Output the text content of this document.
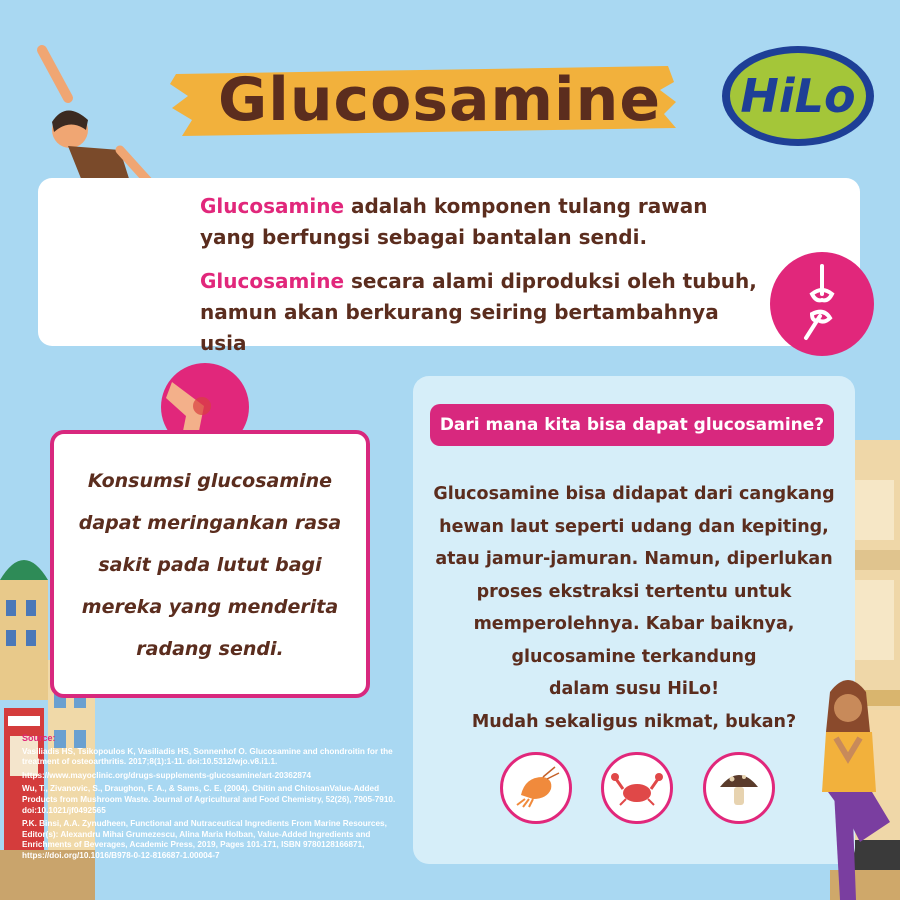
Glucosamine HiLo

Glucosamine adalah komponen tulang rawan yang berfungsi sebagai bantalan sendi.

Glucosamine secara alami diproduksi oleh tubuh, namun akan berkurang seiring bertambahnya usia

Konsumsi glucosamine
dapat meringankan rasa
sakit pada lutut bagi
mereka yang menderita
radang sendi.
Source:
Vasiliadis HS, Tsikopoulos K, Vasiliadis HS, Sonnenhof O. Glucosamine and chondroitin for the treatment of osteoarthritis. 2017;8(1):1-11. doi:10.5312/wjo.v8.i1.1.
https://www.mayoclinic.org/drugs-supplements-glucosamine/art-20362874
Wu, T., Zivanovic, S., Draughon, F. A., & Sams, C. E. (2004). Chitin and ChitosanValue-Added Products from Mushroom Waste. Journal of Agricultural and Food Chemistry, 52(26), 7905-7910. doi:10.1021/jf0492565
P.K. Binsi, A.A. Zynudheen, Functional and Nutraceutical Ingredients From Marine Resources, Editor(s): Alexandru Mihai Grumezescu, Alina Maria Holban, Value-Added Ingredients and Enrichments of Beverages, Academic Press, 2019, Pages 101-171, ISBN 9780128166871, https://doi.org/10.1016/B978-0-12-816687-1.00004-7
Dari mana kita bisa dapat glucosamine?
Glucosamine bisa didapat dari cangkang
hewan laut seperti udang dan kepiting,
atau jamur-jamuran. Namun, diperlukan
proses ekstraksi tertentu untuk
memperolehnya. Kabar baiknya,
glucosamine terkandung
dalam susu HiLo!
Mudah sekaligus nikmat, bukan?
